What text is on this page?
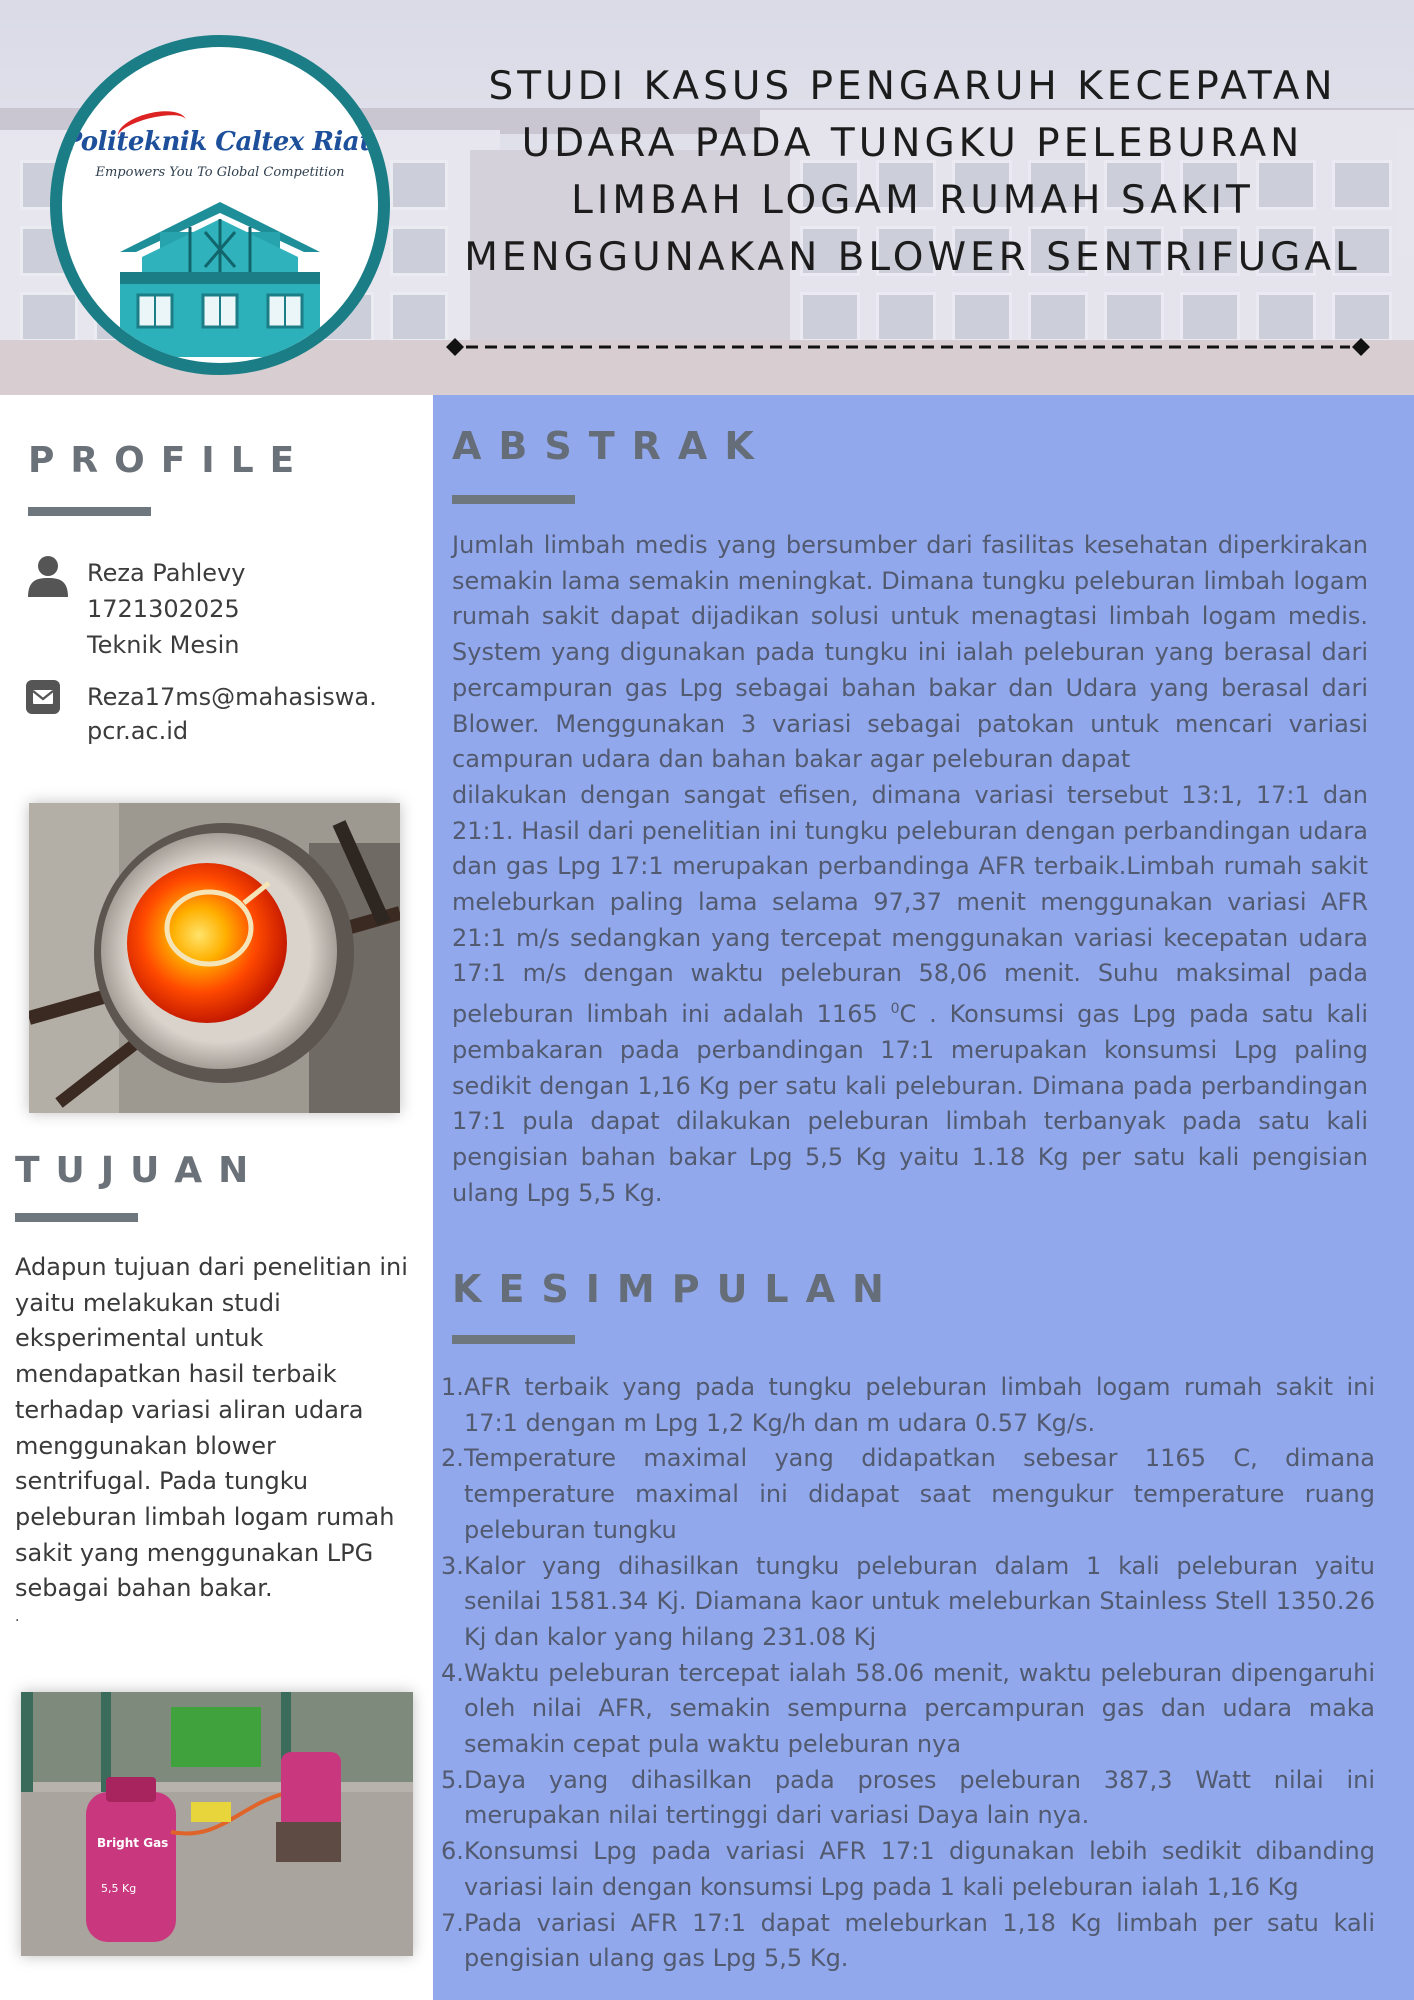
Politeknik Caltex Riau
Empowers You To Global Competition
STUDI KASUS PENGARUH KECEPATAN UDARA PADA TUNGKU PELEBURAN LIMBAH LOGAM RUMAH SAKIT MENGGUNAKAN BLOWER SENTRIFUGAL
PROFILE
Reza Pahlevy
1721302025
Teknik Mesin
Reza17ms@mahasiswa.
pcr.ac.id
TUJUAN
Adapun tujuan dari penelitian ini yaitu melakukan studi eksperimental untuk mendapatkan hasil terbaik terhadap variasi aliran udara menggunakan blower sentrifugal. Pada tungku peleburan limbah logam rumah sakit yang menggunakan LPG sebagai bahan bakar.
.
Bright Gas
5,5 Kg
ABSTRAK

Jumlah limbah medis yang bersumber dari fasilitas kesehatan diperkirakan semakin lama semakin meningkat. Dimana tungku peleburan limbah logam rumah sakit dapat dijadikan solusi untuk menagtasi limbah logam medis. System yang digunakan pada tungku ini ialah peleburan yang berasal dari percampuran gas Lpg sebagai bahan bakar dan Udara yang berasal dari Blower. Menggunakan 3 variasi sebagai patokan untuk mencari variasi campuran udara dan bahan bakar agar peleburan dapat

dilakukan dengan sangat efisen, dimana variasi tersebut 13:1, 17:1 dan 21:1. Hasil dari penelitian ini tungku peleburan dengan perbandingan udara dan gas Lpg 17:1 merupakan perbandinga AFR terbaik.Limbah rumah sakit meleburkan paling lama selama 97,37 menit menggunakan variasi AFR 21:1 m/s sedangkan yang tercepat menggunakan variasi kecepatan udara 17:1 m/s dengan waktu peleburan 58,06 menit. Suhu maksimal pada peleburan limbah ini adalah 1165 $^0$C . Konsumsi gas Lpg pada satu kali pembakaran pada perbandingan 17:1 merupakan konsumsi Lpg paling sedikit dengan 1,16 Kg per satu kali peleburan. Dimana pada perbandingan 17:1 pula dapat dilakukan peleburan limbah terbanyak pada satu kali pengisian bahan bakar Lpg 5,5 Kg yaitu 1.18 Kg per satu kali pengisian ulang Lpg 5,5 Kg.

KESIMPULAN
1. AFR terbaik yang pada tungku peleburan limbah logam rumah sakit ini 17:1 dengan m Lpg 1,2 Kg/h dan m udara 0.57 Kg/s.
2. Temperature maximal yang didapatkan sebesar 1165 C, dimana temperature maximal ini didapat saat mengukur temperature ruang peleburan tungku
3. Kalor yang dihasilkan tungku peleburan dalam 1 kali peleburan yaitu senilai 1581.34 Kj. Diamana kaor untuk meleburkan Stainless Stell 1350.26 Kj dan kalor yang hilang 231.08 Kj
4. Waktu peleburan tercepat ialah 58.06 menit, waktu peleburan dipengaruhi oleh nilai AFR, semakin sempurna percampuran gas dan udara maka semakin cepat pula waktu peleburan nya
5. Daya yang dihasilkan pada proses peleburan 387,3 Watt nilai ini merupakan nilai tertinggi dari variasi Daya lain nya.
6. Konsumsi Lpg pada variasi AFR 17:1 digunakan lebih sedikit dibanding variasi lain dengan konsumsi Lpg pada 1 kali peleburan ialah 1,16 Kg
7. Pada variasi AFR 17:1 dapat meleburkan 1,18 Kg limbah per satu kali pengisian ulang gas Lpg 5,5 Kg.
